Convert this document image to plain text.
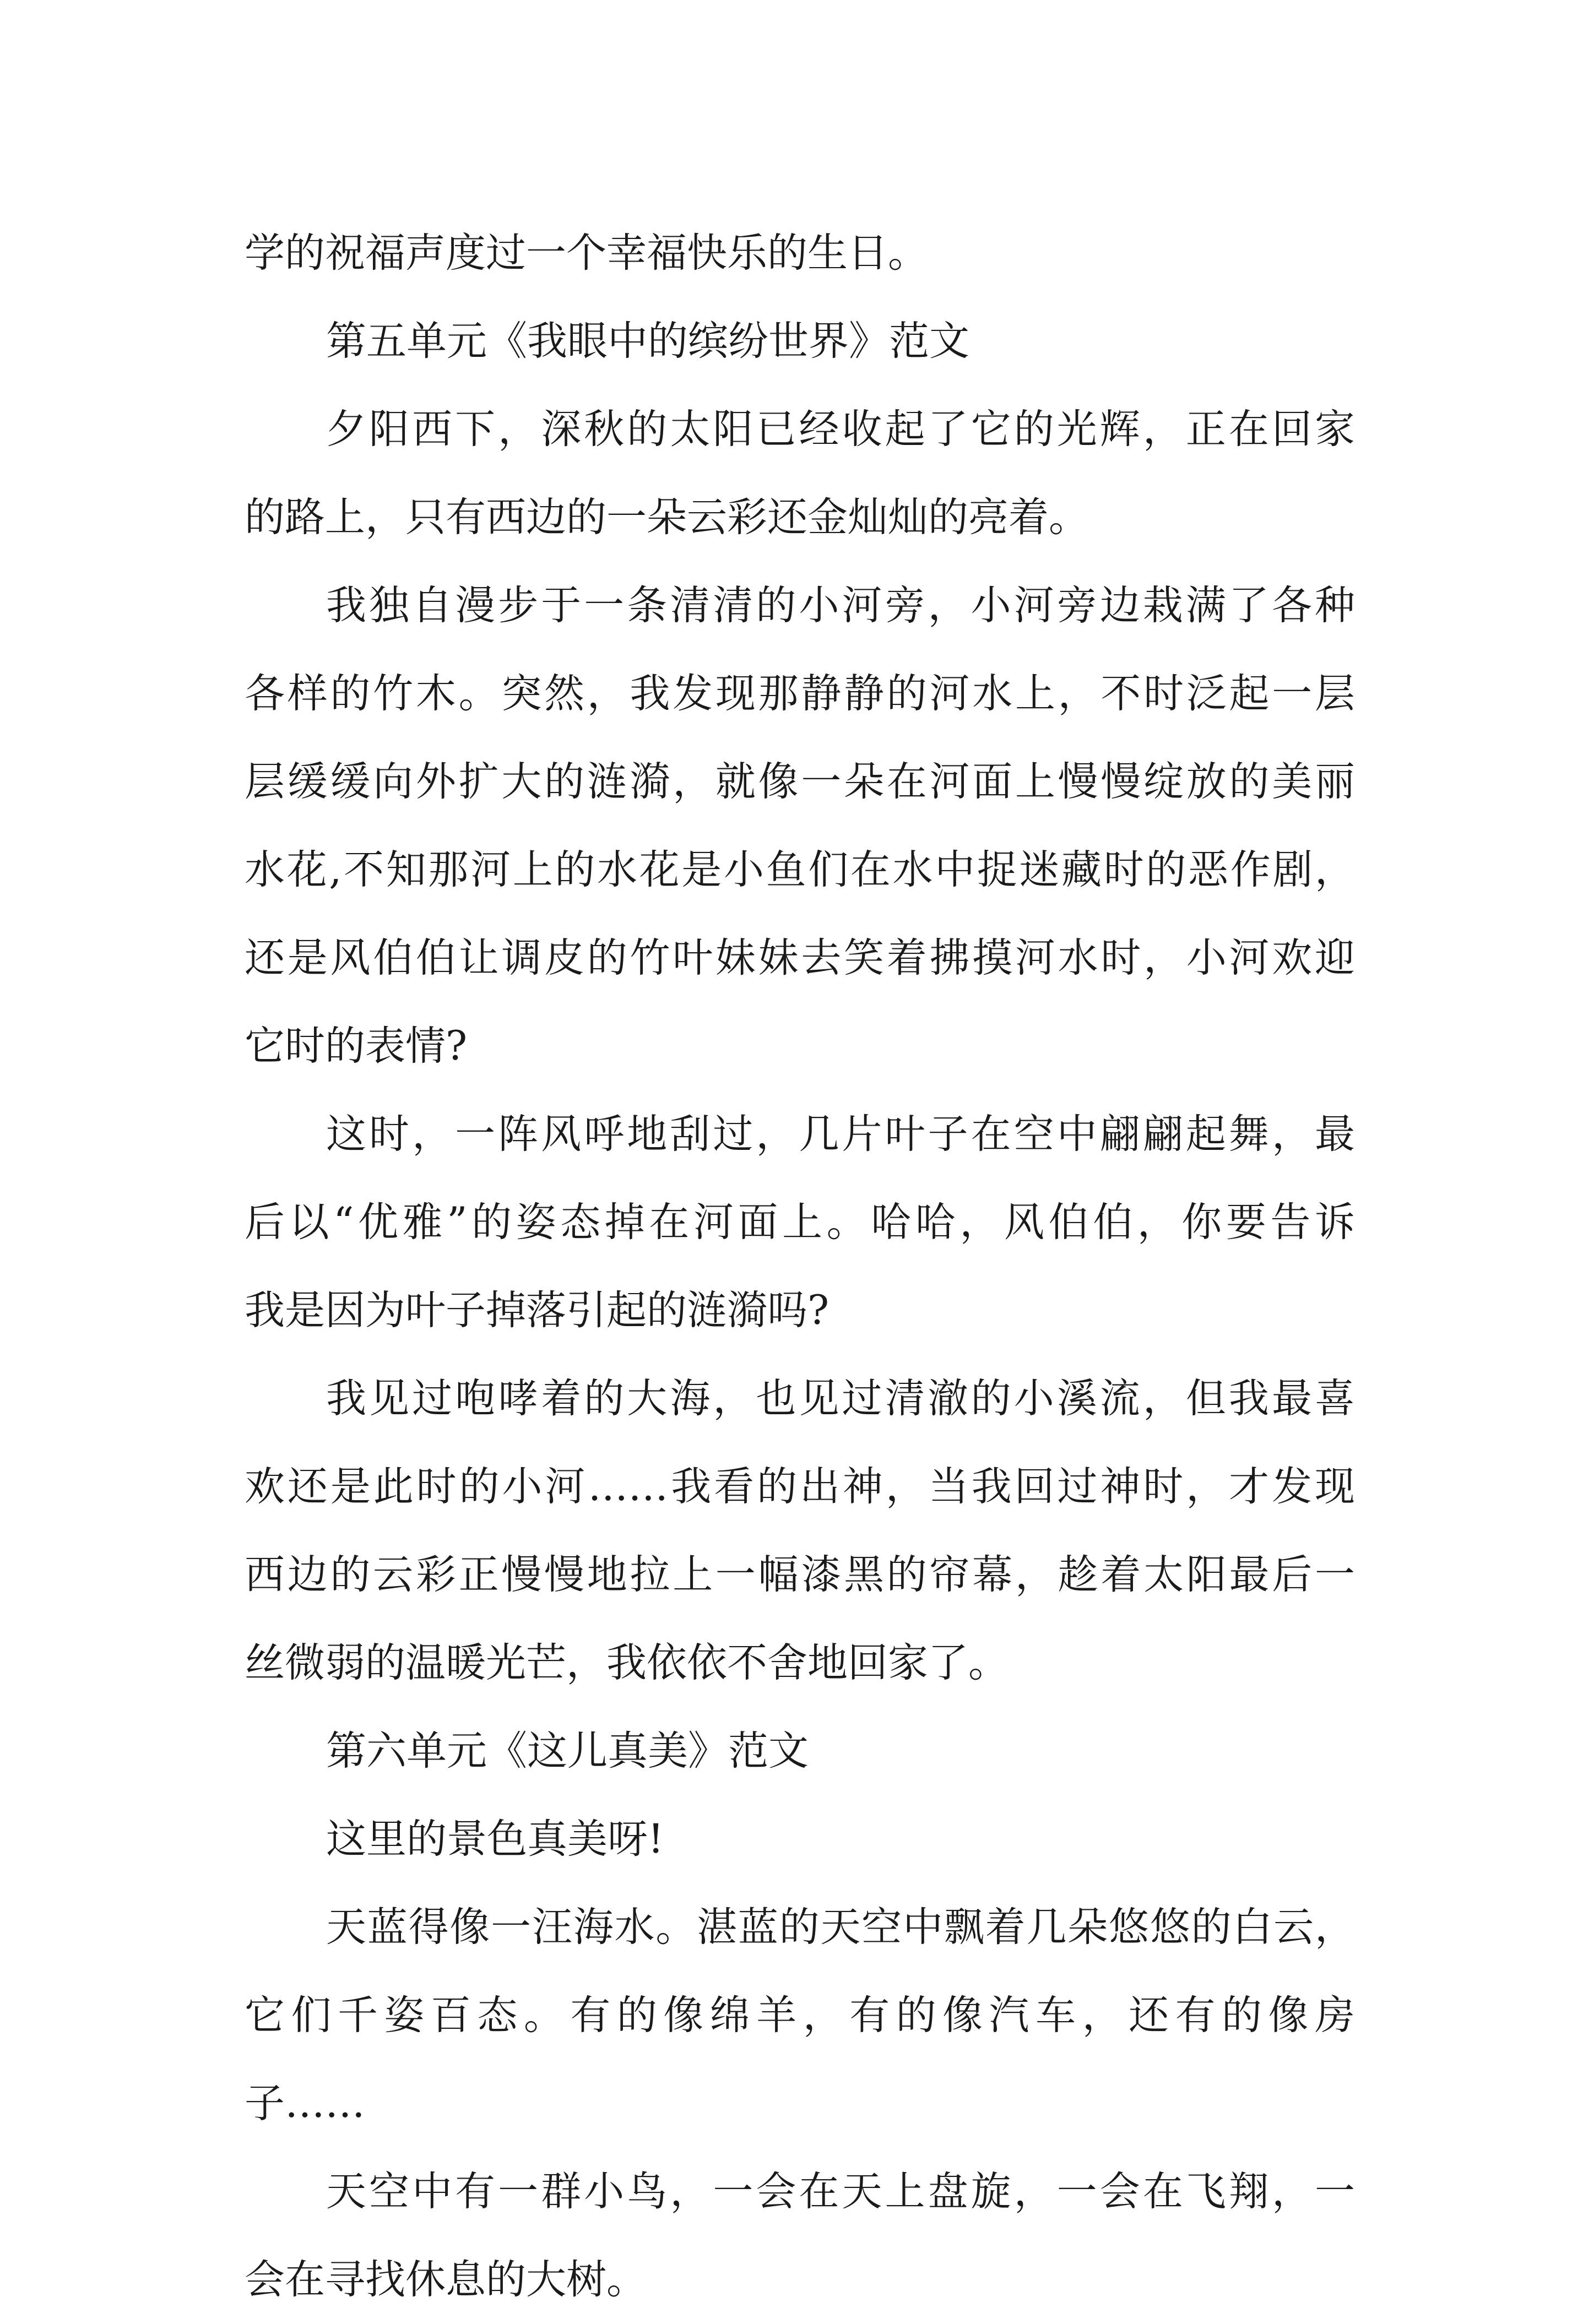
学的祝福声度过一个幸福快乐的生日。
第五单元《我眼中的缤纷世界》范文
夕阳西下，深秋的太阳已经收起了它的光辉，正在回家
的路上，只有西边的一朵云彩还金灿灿的亮着。
我独自漫步于一条清清的小河旁，小河旁边栽满了各种
各样的竹木。突然，我发现那静静的河水上，不时泛起一层
层缓缓向外扩大的涟漪，就像一朵在河面上慢慢绽放的美丽
水花,不知那河上的水花是小鱼们在水中捉迷藏时的恶作剧，
还是风伯伯让调皮的竹叶妹妹去笑着拂摸河水时，小河欢迎
它时的表情?
这时，一阵风呼地刮过，几片叶子在空中翩翩起舞，最
后以“优雅”的姿态掉在河面上。哈哈，风伯伯，你要告诉
我是因为叶子掉落引起的涟漪吗?
我见过咆哮着的大海，也见过清澈的小溪流，但我最喜
欢还是此时的小河……我看的出神，当我回过神时，才发现
西边的云彩正慢慢地拉上一幅漆黑的帘幕，趁着太阳最后一
丝微弱的温暖光芒，我依依不舍地回家了。
第六单元《这儿真美》范文
这里的景色真美呀!
天蓝得像一汪海水。湛蓝的天空中飘着几朵悠悠的白云，
它们千姿百态。有的像绵羊，有的像汽车，还有的像房
子……
天空中有一群小鸟，一会在天上盘旋，一会在飞翔，一
会在寻找休息的大树。
